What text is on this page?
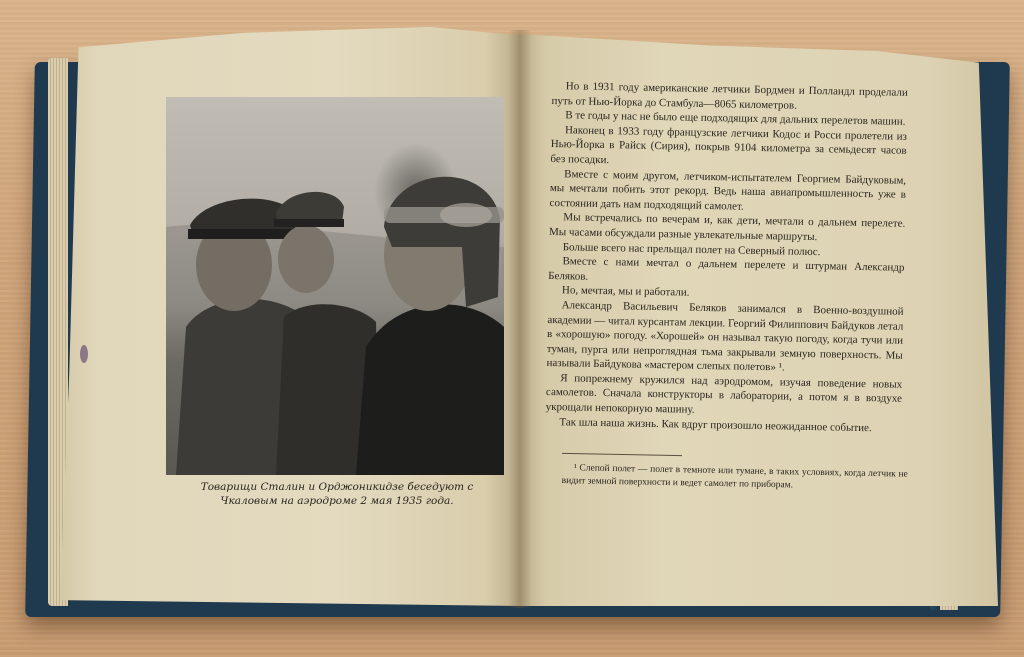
Товарищи Сталин и Орджоникидзе беседуют с Чкаловым на аэродроме 2 мая 1935 года.

Но в 1931 году американские летчики Бордмен и Полландл проделали путь от Нью-Йорка до Стамбула—8065 километров.

В те годы у нас не было еще подходящих для дальних перелетов машин.

Наконец в 1933 году французские летчики Кодос и Росси пролетели из Нью-Йорка в Райск (Сирия), покрыв 9104 километра за семьдесят часов без посадки.

Вместе с моим другом, летчиком-испытателем Георгием Байдуковым, мы мечтали побить этот рекорд. Ведь наша авиапромышленность уже в состоянии дать нам подходящий самолет.

Мы встречались по вечерам и, как дети, мечтали о дальнем перелете. Мы часами обсуждали разные увлекательные маршруты.

Больше всего нас прельщал полет на Северный полюс.

Вместе с нами мечтал о дальнем перелете и штурман Александр Беляков.

Но, мечтая, мы и работали.

Александр Васильевич Беляков занимался в Военно-воздушной академии — читал курсантам лекции. Георгий Филиппович Байдуков летал в «хорошую» погоду. «Хорошей» он называл такую погоду, когда тучи или туман, пурга или непроглядная тьма закрывали земную поверхность. Мы называли Байдукова «мастером слепых полетов» ¹.

Я попрежнему кружился над аэродромом, изучая поведение новых самолетов. Сначала конструкторы в лаборатории, а потом я в воздухе укрощали непокорную машину.

Так шла наша жизнь. Как вдруг произошло неожиданное событие.

¹ Слепой полет — полет в темноте или тумане, в таких условиях, когда летчик не видит земной поверхности и ведет самолет по приборам.
